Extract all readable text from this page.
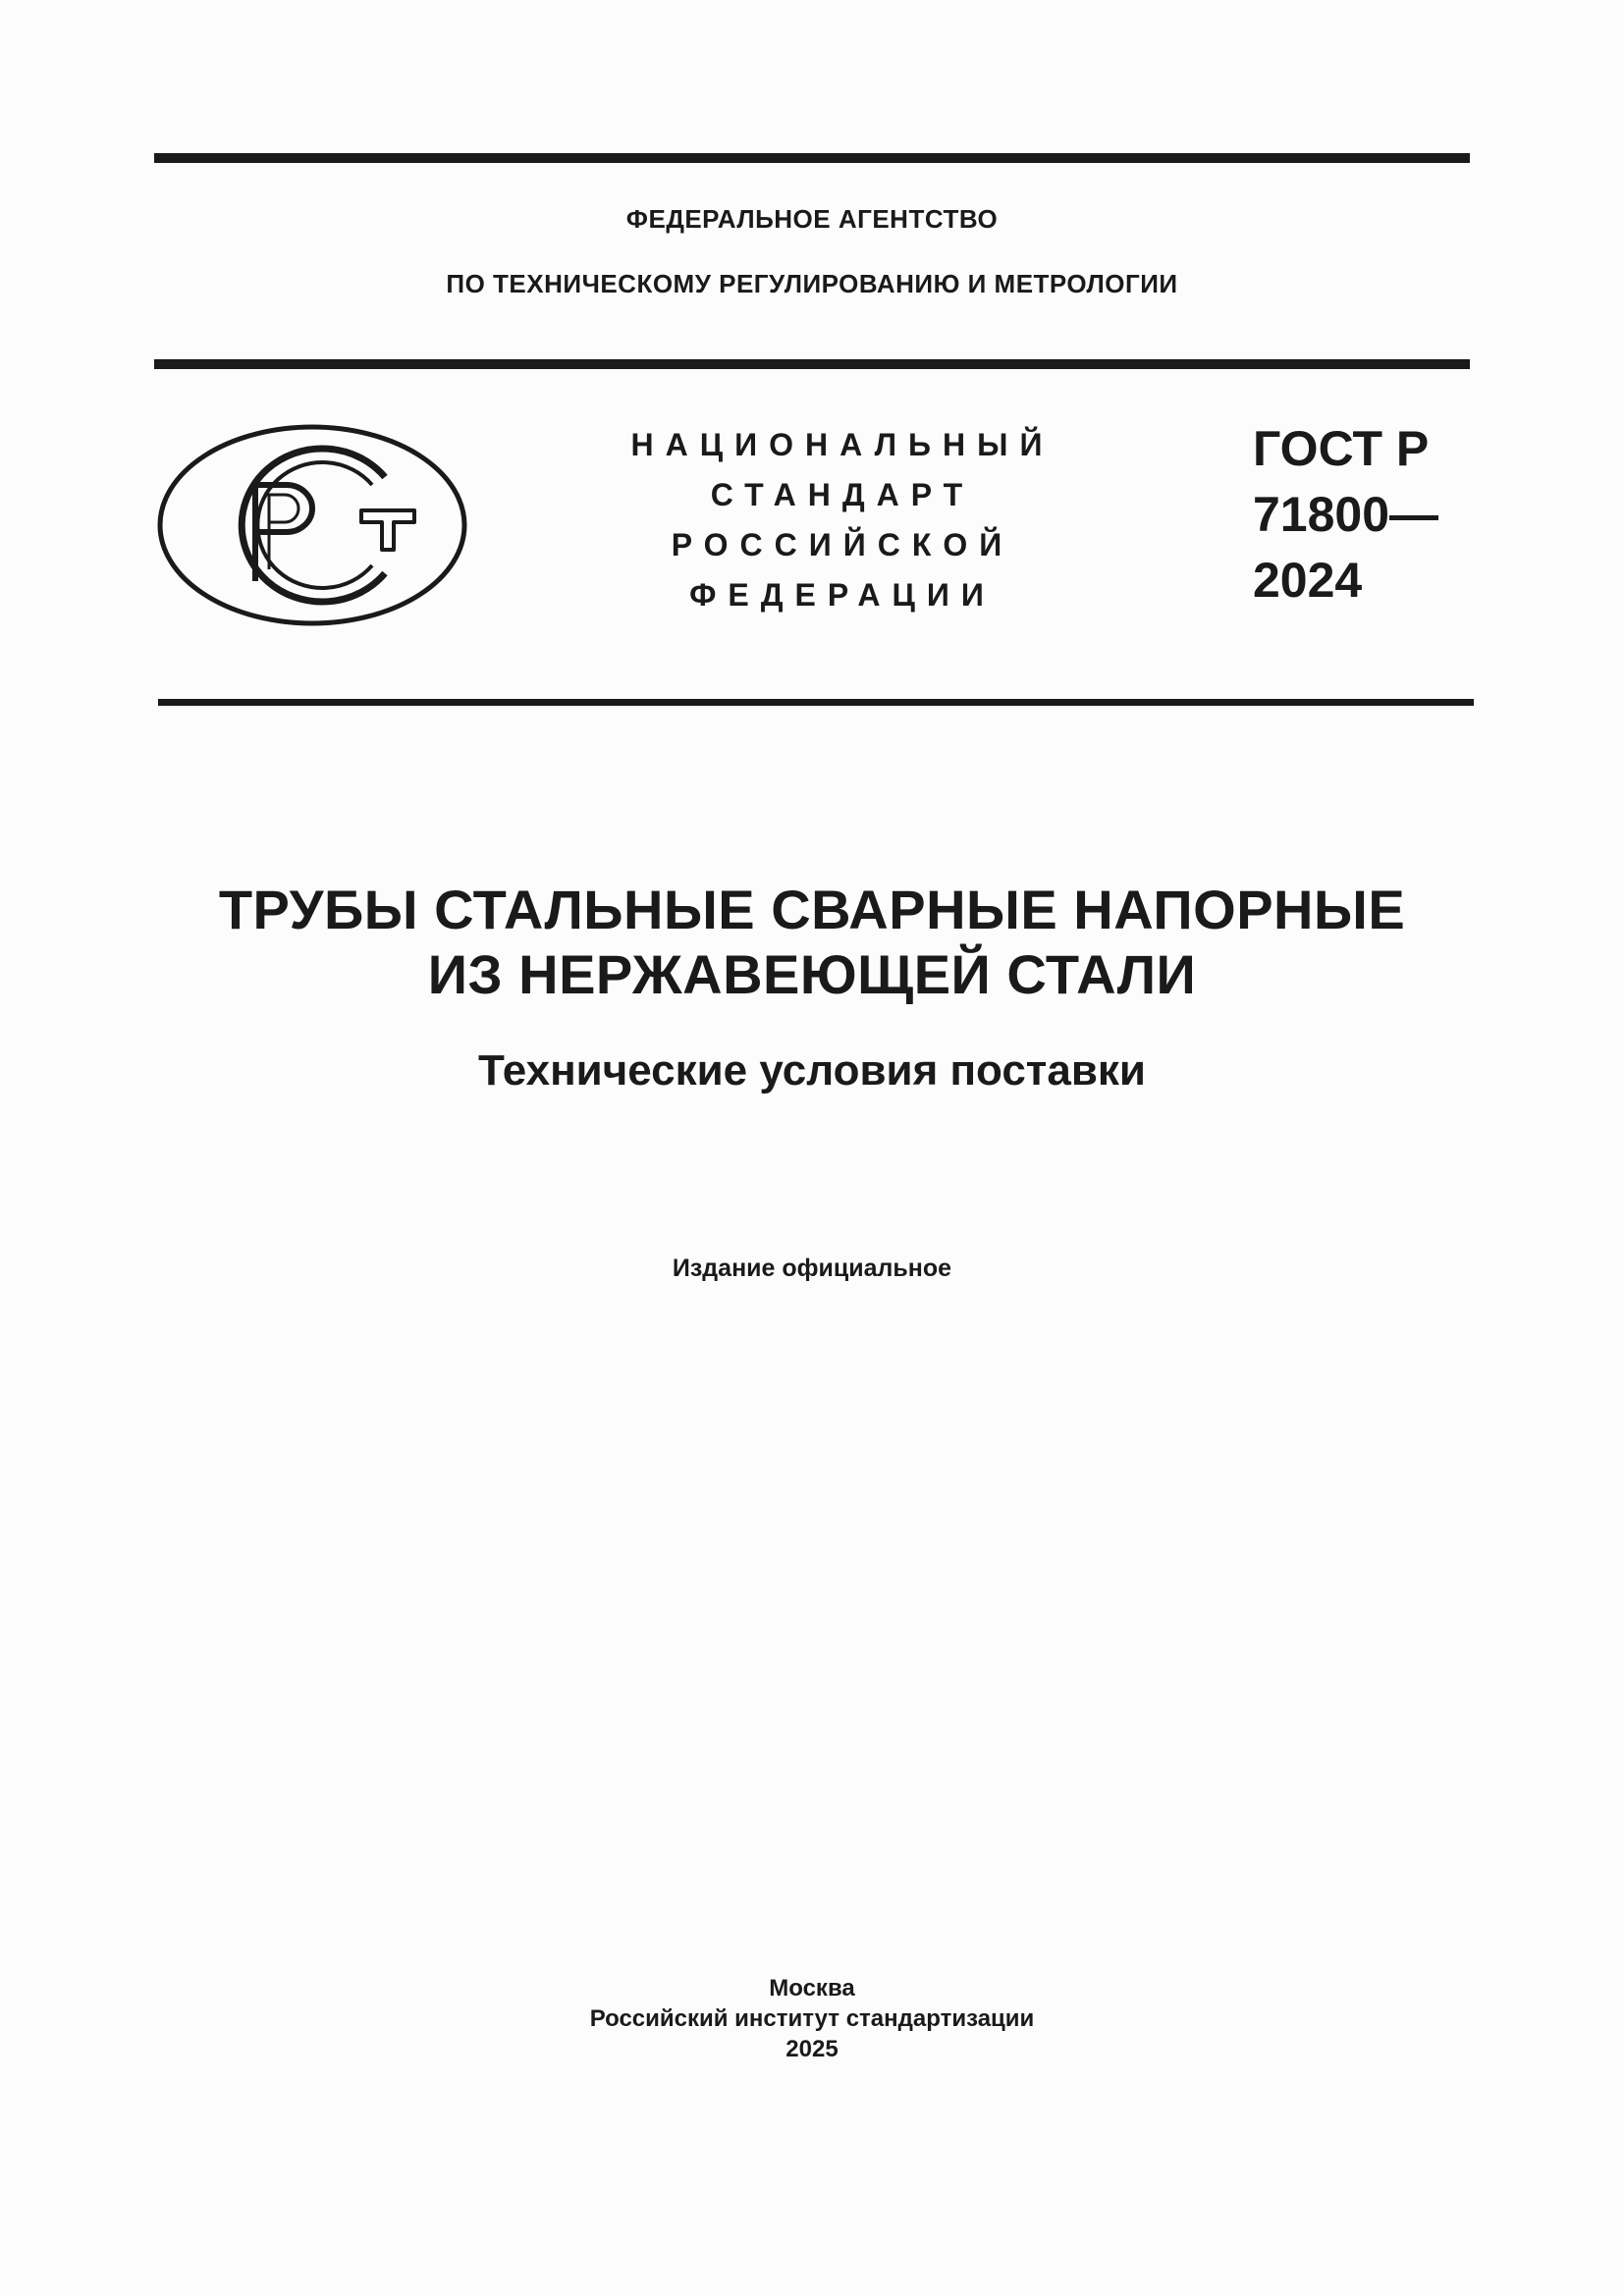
ФЕДЕРАЛЬНОЕ АГЕНТСТВО
ПО ТЕХНИЧЕСКОМУ РЕГУЛИРОВАНИЮ И МЕТРОЛОГИИ
НАЦИОНАЛЬНЫЙ
СТАНДАРТ
РОССИЙСКОЙ
ФЕДЕРАЦИИ
ГОСТ Р
71800—
2024
ТРУБЫ СТАЛЬНЫЕ СВАРНЫЕ НАПОРНЫЕ
ИЗ НЕРЖАВЕЮЩЕЙ СТАЛИ
Технические условия поставки
Издание официальное
Москва
Российский институт стандартизации
2025
